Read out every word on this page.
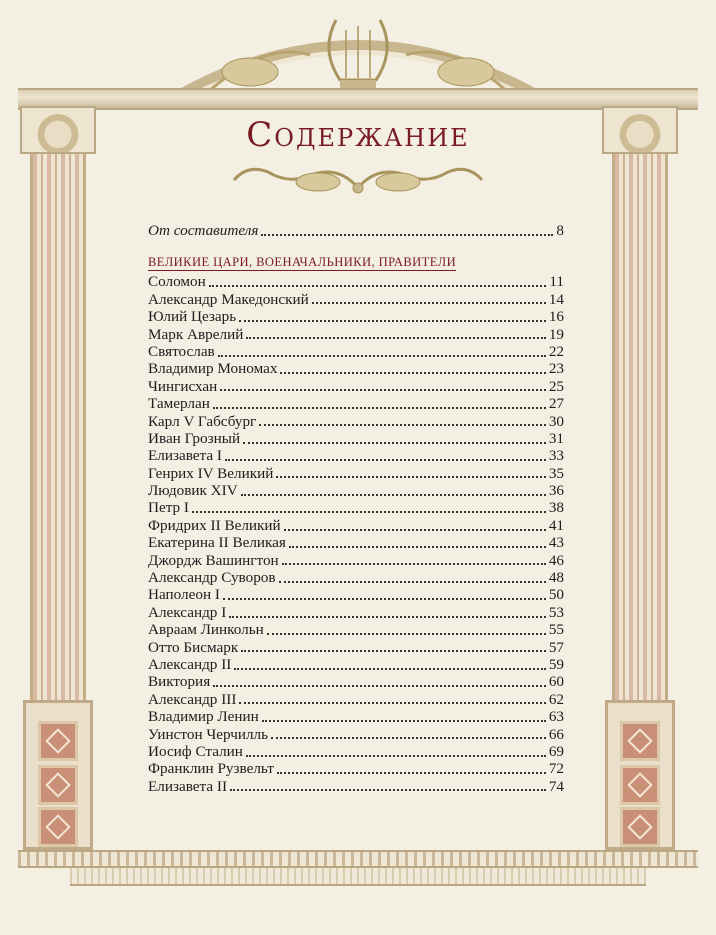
Содержание
От составителя	8
ВЕЛИКИЕ ЦАРИ, ВОЕНАЧАЛЬНИКИ, ПРАВИТЕЛИ
Соломон	11
Александр Македонский	14
Юлий Цезарь	16
Марк Аврелий	19
Святослав	22
Владимир Мономах	23
Чингисхан	25
Тамерлан	27
Карл V Габсбург	30
Иван Грозный	31
Елизавета I	33
Генрих IV Великий	35
Людовик XIV	36
Петр I	38
Фридрих II Великий	41
Екатерина II Великая	43
Джордж Вашингтон	46
Александр Суворов	48
Наполеон I	50
Александр I	53
Авраам Линкольн	55
Отто Бисмарк	57
Александр II	59
Виктория	60
Александр III	62
Владимир Ленин	63
Уинстон Черчилль	66
Иосиф Сталин	69
Франклин Рузвельт	72
Елизавета II	74
